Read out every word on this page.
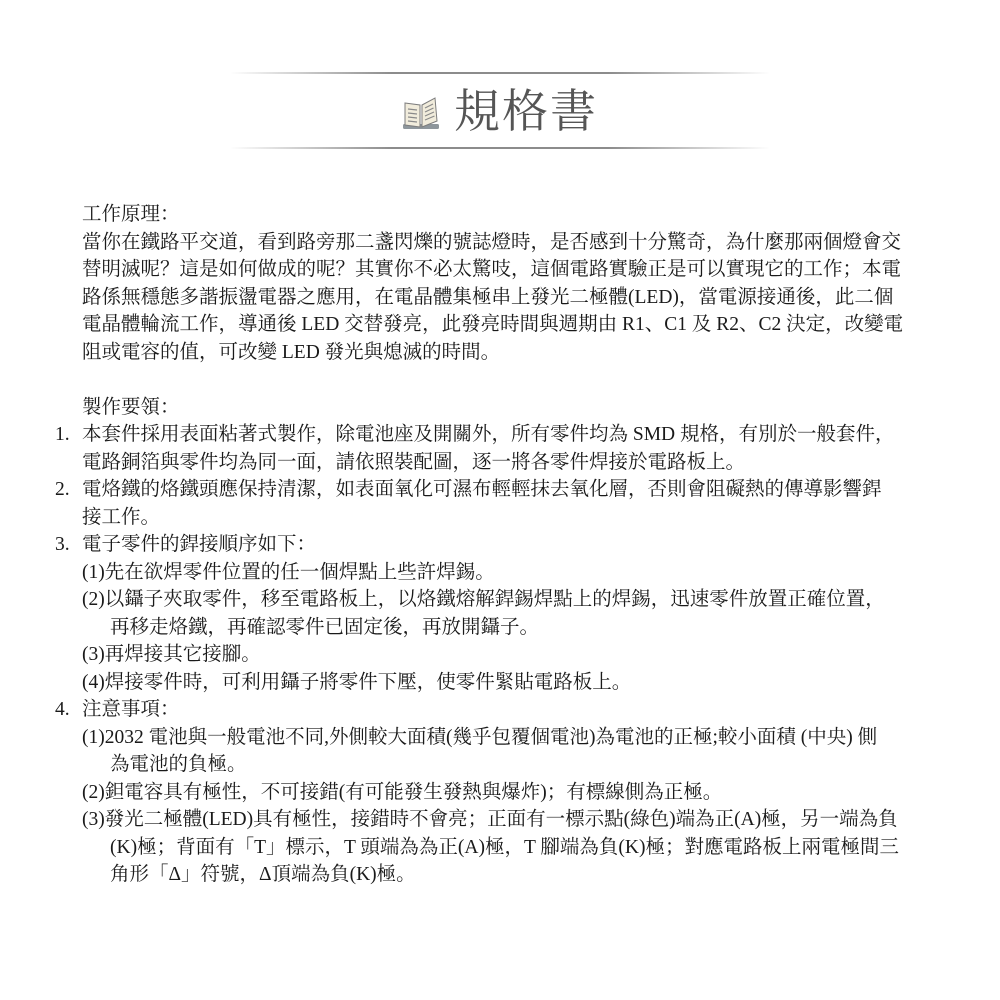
規格書
工作原理：
當你在鐵路平交道，看到路旁那二盞閃爍的號誌燈時，是否感到十分驚奇，為什麼那兩個燈會交
替明滅呢？這是如何做成的呢？其實你不必太驚吱，這個電路實驗正是可以實現它的工作；本電
路係無穩態多諧振盪電器之應用，在電晶體集極串上發光二極體(LED)，當電源接通後，此二個
電晶體輪流工作，導通後 LED 交替發亮，此發亮時間與週期由 R1、C1 及 R2、C2 決定，改變電
阻或電容的值，可改變 LED 發光與熄滅的時間。
製作要領：
1. 本套件採用表面粘著式製作，除電池座及開關外，所有零件均為 SMD 規格，有別於一般套件，
電路銅箔與零件均為同一面，請依照裝配圖，逐一將各零件焊接於電路板上。
2. 電烙鐵的烙鐵頭應保持清潔，如表面氧化可濕布輕輕抹去氧化層，否則會阻礙熱的傳導影響銲
接工作。
3. 電子零件的銲接順序如下：
(1)先在欲焊零件位置的任一個焊點上些許焊錫。
(2)以鑷子夾取零件，移至電路板上，以烙鐵熔解銲錫焊點上的焊錫，迅速零件放置正確位置，
再移走烙鐵，再確認零件已固定後，再放開鑷子。
(3)再焊接其它接腳。
(4)焊接零件時，可利用鑷子將零件下壓，使零件緊貼電路板上。
4. 注意事項：
(1)2032 電池與一般電池不同,外側較大面積(幾乎包覆個電池)為電池的正極;較小面積 (中央) 側
為電池的負極。
(2)鉭電容具有極性，不可接錯(有可能發生發熱與爆炸)；有標線側為正極。
(3)發光二極體(LED)具有極性，接錯時不會亮；正面有一標示點(綠色)端為正(A)極，另一端為負
(K)極；背面有「T」標示，T 頭端為為正(A)極，T 腳端為負(K)極；對應電路板上兩電極間三
角形「Δ」符號，Δ頂端為負(K)極。
